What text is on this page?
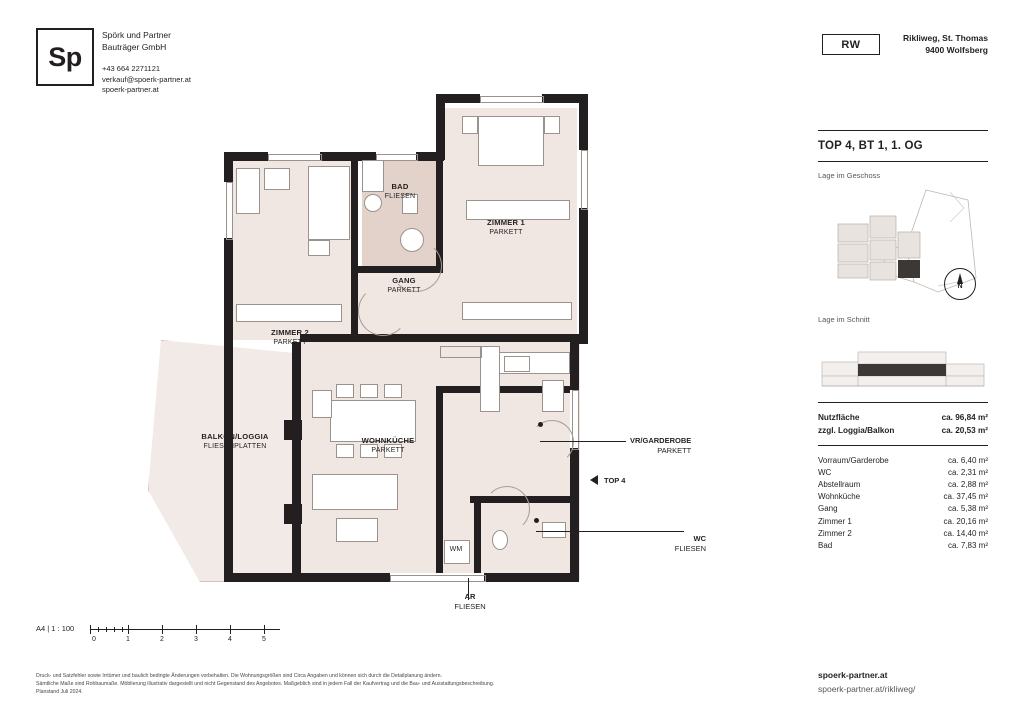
Sp
Spörk und Partner
Bauträger GmbH
+43 664 2271121
verkauf@spoerk-partner.at
spoerk-partner.at
RW
Rikliweg, St. Thomas
9400 Wolfsberg
TOP 4, BT 1, 1. OG
Lage im Geschoss
N
Lage im Schnitt
Nutzfläche	ca. 96,84 m²
zzgl. Loggia/Balkon	ca. 20,53 m²
Vorraum/Garderobe	ca. 6,40 m²
WC	ca. 2,31 m²
Abstellraum	ca. 2,88 m²
Wohnküche	ca. 37,45 m²
Gang	ca. 5,38 m²
Zimmer 1	ca. 20,16 m²
Zimmer 2	ca. 14,40 m²
Bad	ca. 7,83 m²
spoerk-partner.at
spoerk-partner.at/rikliweg/
WM
ZIMMER 2
PARKETT
BAD
FLIESEN
ZIMMER 1
PARKETT
GANG
PARKETT
WOHNKÜCHE
PARKETT
BALKON/LOGGIA
FLIESENPLATTEN
VR/GARDEROBE
PARKETT
WC
FLIESEN
AR
FLIESEN
TOP 4
A4 | 1 : 100
0	1	2	3	4	5
Druck- und Satzfehler sowie Irrtümer und baulich bedingte Änderungen vorbehalten. Die Wohnungsgrößen sind Circa Angaben und können sich durch die Detailplanung ändern.
Sämtliche Maße sind Rohbaumaße. Möblierung illustrativ dargestellt und nicht Gegenstand des Angebotes. Maßgeblich sind in jedem Fall der Kaufvertrag und die Bau- und Ausstattungsbeschreibung.
Planstand Juli 2024.
